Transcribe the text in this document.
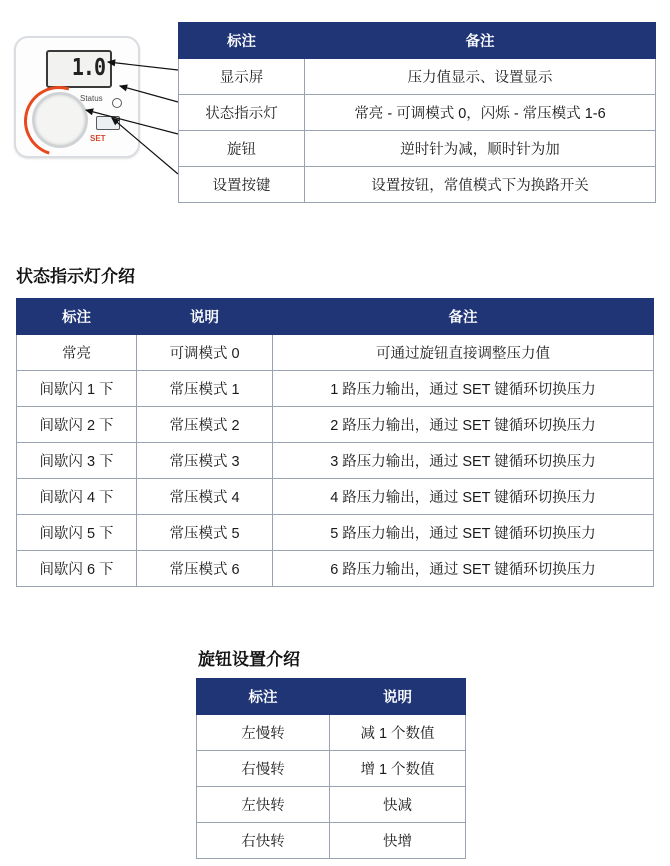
1.0
Status
SET
标注	备注
显示屏	压力值显示、设置显示
状态指示灯	常亮 - 可调模式 0，闪烁 - 常压模式 1-6
旋钮	逆时针为减，顺时针为加
设置按键	设置按钮，常值模式下为换路开关
状态指示灯介绍
标注	说明	备注
常亮	可调模式 0	可通过旋钮直接调整压力值
间歇闪 1 下	常压模式 1	1 路压力输出，通过 SET 键循环切换压力
间歇闪 2 下	常压模式 2	2 路压力输出，通过 SET 键循环切换压力
间歇闪 3 下	常压模式 3	3 路压力输出，通过 SET 键循环切换压力
间歇闪 4 下	常压模式 4	4 路压力输出，通过 SET 键循环切换压力
间歇闪 5 下	常压模式 5	5 路压力输出，通过 SET 键循环切换压力
间歇闪 6 下	常压模式 6	6 路压力输出，通过 SET 键循环切换压力
旋钮设置介绍
标注	说明
左慢转	减 1 个数值
右慢转	增 1 个数值
左快转	快减
右快转	快增
